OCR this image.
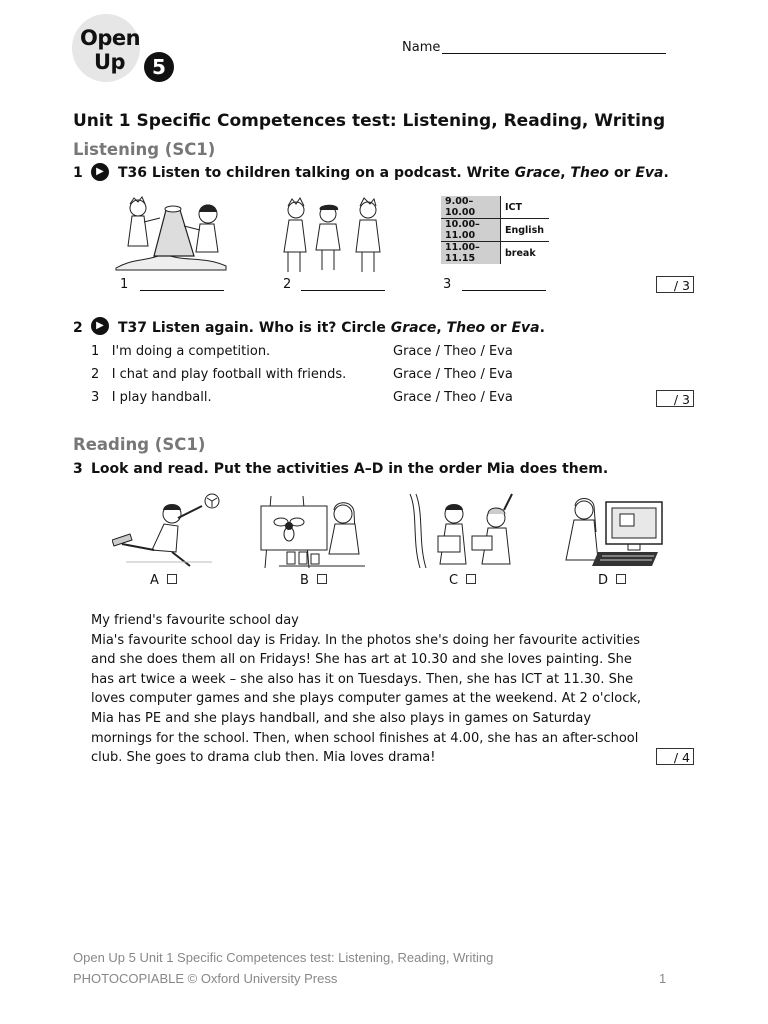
Open
Up	5
Name
Unit 1 Specific Competences test: Listening, Reading, Writing
Listening (SC1)
1	▶	T36 Listen to children talking on a podcast. Write Grace, Theo or Eva.
1	2
9.00–10.00	ICT
10.00–11.00	English
11.00–11.15	break
3	/ 3
2	▶	T37 Listen again. Who is it? Circle Grace, Theo or Eva.
1 I'm doing a competition.	Grace / Theo / Eva
2 I chat and play football with friends.	Grace / Theo / Eva
3 I play handball.	Grace / Theo / Eva	/ 3
Reading (SC1)
3 Look and read. Put the activities A–D in the order Mia does them.
A	B	C	D
My friend's favourite school day
Mia's favourite school day is Friday. In the photos she's doing her favourite activities and she does them all on Fridays! She has art at 10.30 and she loves painting. She has art twice a week – she also has it on Tuesdays. Then, she has ICT at 11.30. She loves computer games and she plays computer games at the weekend. At 2 o'clock, Mia has PE and she plays handball, and she also plays in games on Saturday mornings for the school. Then, when school finishes at 4.00, she has an after-school club. She goes to drama club then. Mia loves drama!	/ 4
Open Up 5 Unit 1 Specific Competences test: Listening, Reading, Writing
PHOTOCOPIABLE © Oxford University Press	1
